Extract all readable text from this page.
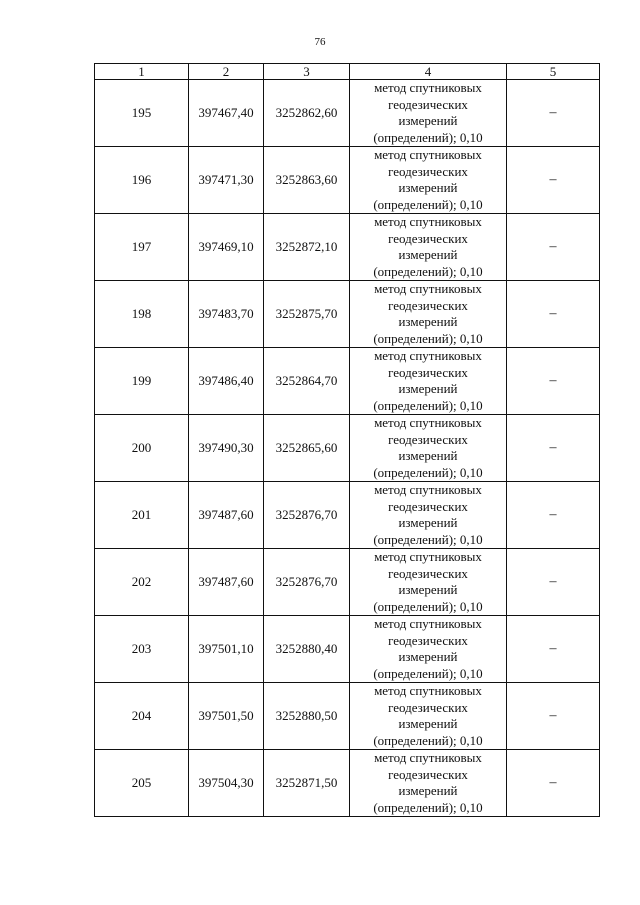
76
1	2	3	4	5
195	397467,40	3252862,60	метод спутниковых
геодезических
измерений
(определений); 0,10	–
196	397471,30	3252863,60	метод спутниковых
геодезических
измерений
(определений); 0,10	–
197	397469,10	3252872,10	метод спутниковых
геодезических
измерений
(определений); 0,10	–
198	397483,70	3252875,70	метод спутниковых
геодезических
измерений
(определений); 0,10	–
199	397486,40	3252864,70	метод спутниковых
геодезических
измерений
(определений); 0,10	–
200	397490,30	3252865,60	метод спутниковых
геодезических
измерений
(определений); 0,10	–
201	397487,60	3252876,70	метод спутниковых
геодезических
измерений
(определений); 0,10	–
202	397487,60	3252876,70	метод спутниковых
геодезических
измерений
(определений); 0,10	–
203	397501,10	3252880,40	метод спутниковых
геодезических
измерений
(определений); 0,10	–
204	397501,50	3252880,50	метод спутниковых
геодезических
измерений
(определений); 0,10	–
205	397504,30	3252871,50	метод спутниковых
геодезических
измерений
(определений); 0,10	–
